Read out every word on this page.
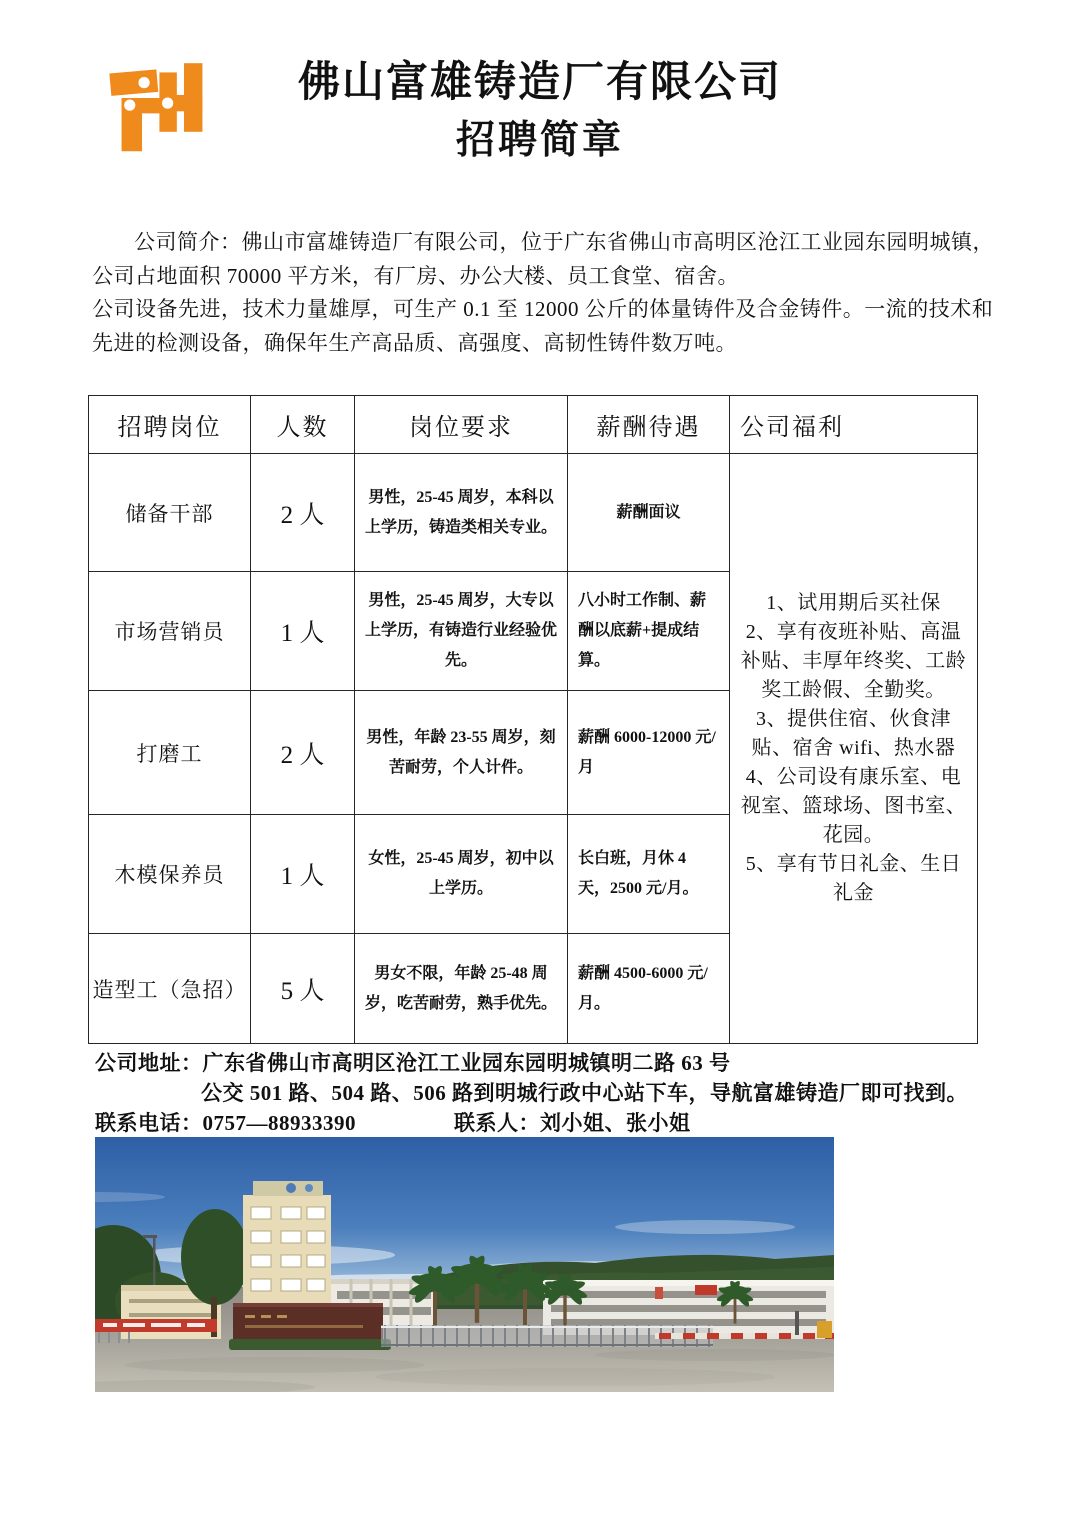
佛山富雄铸造厂有限公司
招聘简章

公司简介：佛山市富雄铸造厂有限公司，位于广东省佛山市高明区沧江工业园东园明城镇，公司占地面积 70000 平方米，有厂房、办公大楼、员工食堂、宿舍。

公司设备先进，技术力量雄厚，可生产 0.1 至 12000 公斤的体量铸件及合金铸件。一流的技术和先进的检测设备，确保年生产高品质、高强度、高韧性铸件数万吨。

招聘岗位	人数	岗位要求	薪酬待遇	公司福利
储备干部	2 人	男性，25-45 周岁，本科以上学历，铸造类相关专业。	薪酬面议	1、试用期后买社保
2、享有夜班补贴、高温补贴、丰厚年终奖、工龄奖工龄假、全勤奖。
3、提供住宿、伙食津贴、宿舍 wifi、热水器
4、公司设有康乐室、电视室、篮球场、图书室、花园。
5、享有节日礼金、生日礼金

市场营销员	1 人	男性，25-45 周岁，大专以上学历，有铸造行业经验优先。	八小时工作制、薪酬以底薪+提成结算。	
打磨工	2 人	男性，年龄 23-55 周岁，刻苦耐劳，个人计件。	薪酬 6000-12000 元/月	
木模保养员	1 人	女性，25-45 周岁，初中以上学历。	长白班，月休 4 天，2500 元/月。	
造型工（急招）	5 人	男女不限，年龄 25-48 周岁，吃苦耐劳，熟手优先。	薪酬 4500-6000 元/月。	
公司地址：广东省佛山市高明区沧江工业园东园明城镇明二路 63 号
公交 501 路、504 路、506 路到明城行政中心站下车，导航富雄铸造厂即可找到。
联系电话：0757—88933390	联系人：刘小姐、张小姐
